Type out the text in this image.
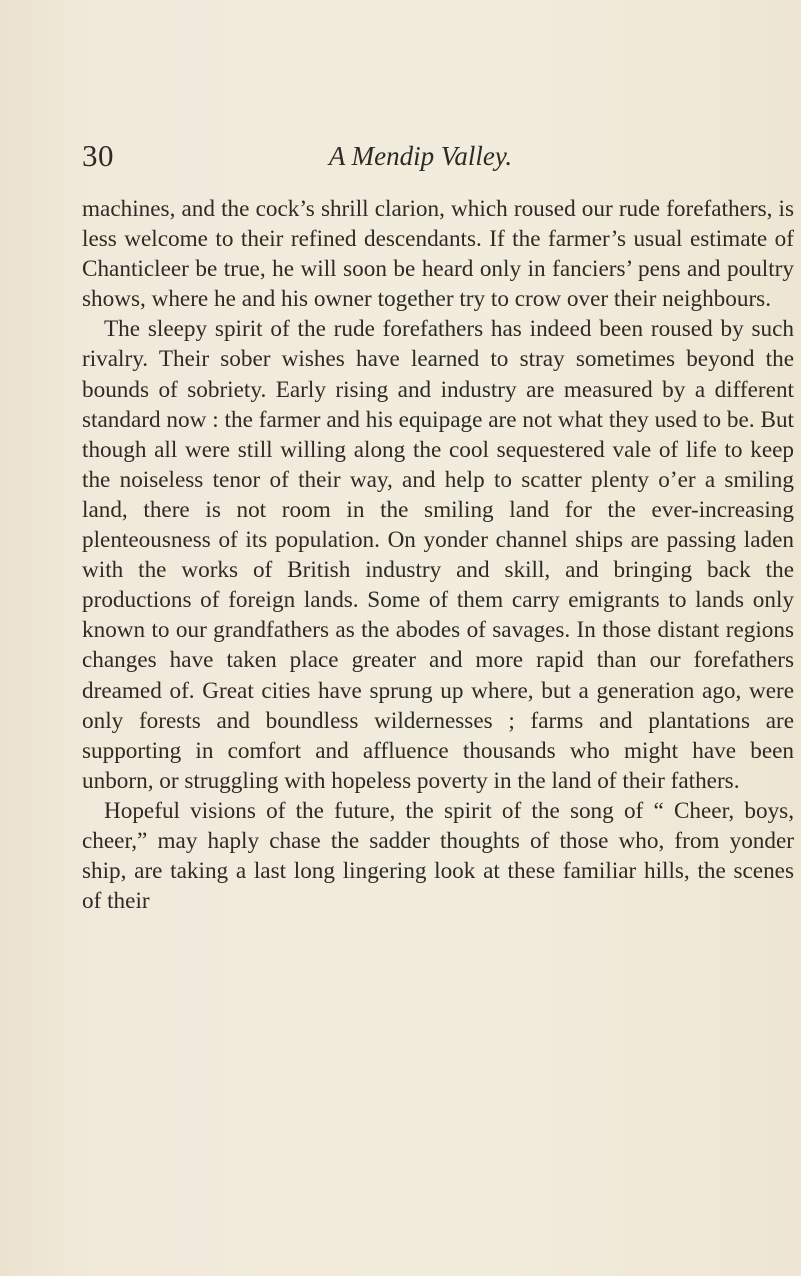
30	A Mendip Valley.

machines, and the cock’s shrill clarion, which roused our rude forefathers, is less welcome to their refined descendants. If the farmer’s usual estimate of Chanticleer be true, he will soon be heard only in fanciers’ pens and poultry shows, where he and his owner together try to crow over their neighbours.

The sleepy spirit of the rude forefathers has indeed been roused by such rivalry. Their sober wishes have learned to stray sometimes beyond the bounds of sobriety. Early rising and industry are measured by a different standard now : the farmer and his equipage are not what they used to be. But though all were still willing along the cool sequestered vale of life to keep the noiseless tenor of their way, and help to scatter plenty o’er a smiling land, there is not room in the smiling land for the ever-increasing plenteousness of its population. On yonder channel ships are passing laden with the works of British industry and skill, and bringing back the productions of foreign lands. Some of them carry emigrants to lands only known to our grandfathers as the abodes of savages. In those distant regions changes have taken place greater and more rapid than our forefathers dreamed of. Great cities have sprung up where, but a generation ago, were only forests and boundless wildernesses ; farms and plantations are supporting in comfort and affluence thousands who might have been unborn, or struggling with hopeless poverty in the land of their fathers.

Hopeful visions of the future, the spirit of the song of “ Cheer, boys, cheer,” may haply chase the sadder thoughts of those who, from yonder ship, are taking a last long lingering look at these familiar hills, the scenes of their
